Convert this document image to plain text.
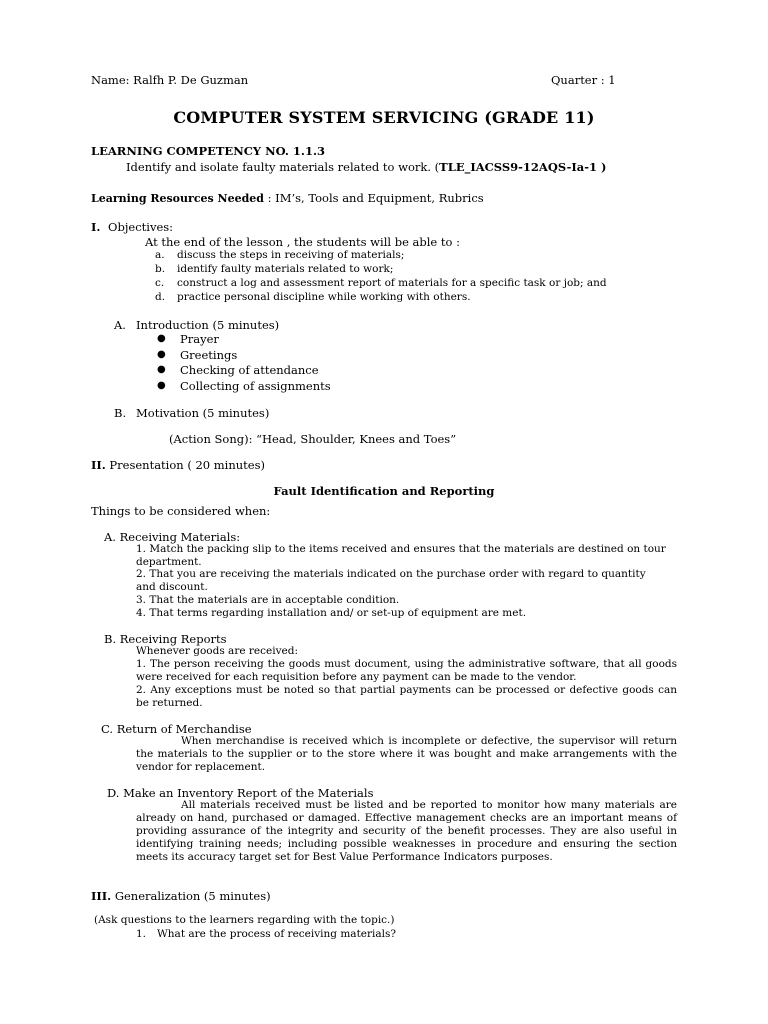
Name: Ralfh P. De Guzman	Quarter : 1
COMPUTER SYSTEM SERVICING (GRADE 11)
LEARNING COMPETENCY NO. 1.1.3
Identify and isolate faulty materials related to work. (TLE_IACSS9-12AQS-Ia-1 )
Learning Resources Needed : IM’s, Tools and Equipment, Rubrics
I. Objectives:
At the end of the lesson , the students will be able to :
a. discuss the steps in receiving of materials;
b. identify faulty materials related to work;
c. construct a log and assessment report of materials for a specific task or job; and
d. practice personal discipline while working with others.
A. Introduction (5 minutes)
● Prayer
● Greetings
● Checking of attendance
● Collecting of assignments
B. Motivation (5 minutes)
(Action Song): “Head, Shoulder, Knees and Toes”
II. Presentation ( 20 minutes)
Fault Identification and Reporting
Things to be considered when:
A. Receiving Materials:
1. Match the packing slip to the items received and ensures that the materials are destined on tour
department.
2. That you are receiving the materials indicated on the purchase order with regard to quantity
and discount.
3. That the materials are in acceptable condition.
4. That terms regarding installation and/ or set-up of equipment are met.
B. Receiving Reports
Whenever goods are received:
1. The person receiving the goods must document, using the administrative software, that all goods were received for each requisition before any payment can be made to the vendor.
2. Any exceptions must be noted so that partial payments can be processed or defective goods can be returned.
C. Return of Merchandise
When merchandise is received which is incomplete or defective, the supervisor will return the materials to the supplier or to the store where it was bought and make arrangements with the vendor for replacement.
D. Make an Inventory Report of the Materials
All materials received must be listed and be reported to monitor how many materials are already on hand, purchased or damaged. Effective management checks are an important means of providing assurance of the integrity and security of the benefit processes. They are also useful in identifying training needs; including possible weaknesses in procedure and ensuring the section meets its accuracy target set for Best Value Performance Indicators purposes.
III. Generalization (5 minutes)
(Ask questions to the learners regarding with the topic.)
1. What are the process of receiving materials?
